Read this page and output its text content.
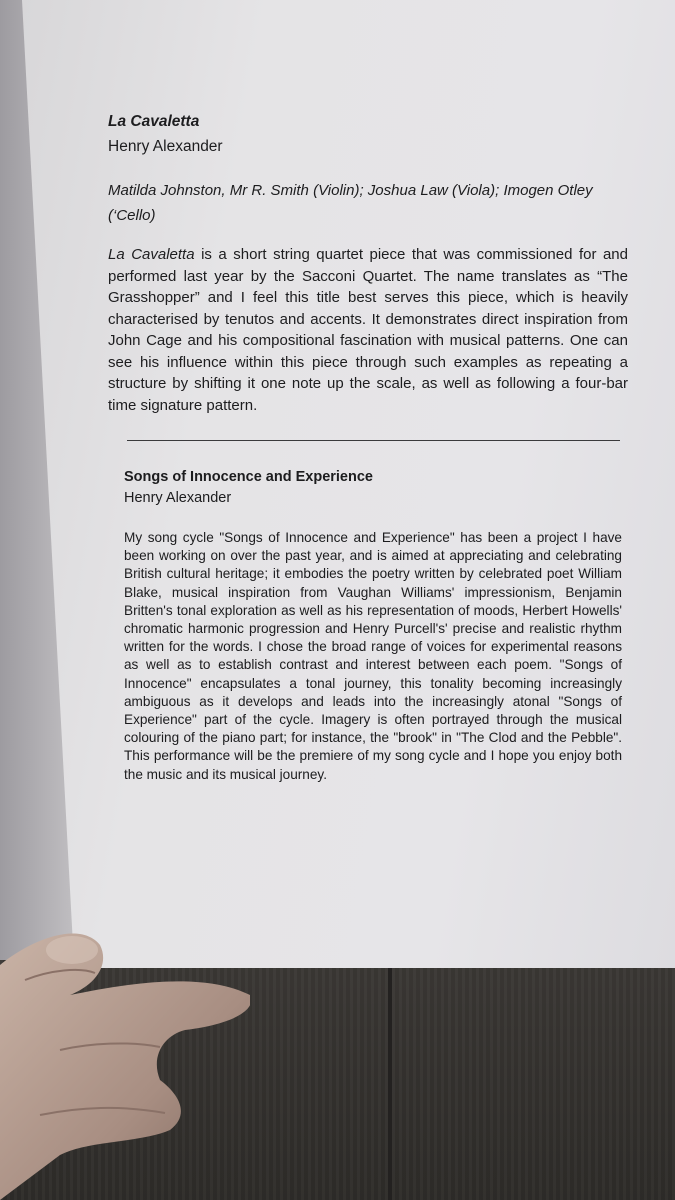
La Cavaletta

Henry Alexander

Matilda Johnston, Mr R. Smith (Violin); Joshua Law (Viola); Imogen Otley (‘Cello)

La Cavaletta is a short string quartet piece that was commissioned for and performed last year by the Sacconi Quartet. The name translates as “The Grasshopper” and I feel this title best serves this piece, which is heavily characterised by tenutos and accents. It demonstrates direct inspiration from John Cage and his compositional fascination with musical patterns. One can see his influence within this piece through such examples as repeating a structure by shifting it one note up the scale, as well as following a four-bar time signature pattern.

Songs of Innocence and Experience

Henry Alexander

My song cycle "Songs of Innocence and Experience" has been a project I have been working on over the past year, and is aimed at appreciating and celebrating British cultural heritage; it embodies the poetry written by celebrated poet William Blake, musical inspiration from Vaughan Williams' impressionism, Benjamin Britten's tonal exploration as well as his representation of moods, Herbert Howells' chromatic harmonic progression and Henry Purcell's' precise and realistic rhythm written for the words. I chose the broad range of voices for experimental reasons as well as to establish contrast and interest between each poem. "Songs of Innocence" encapsulates a tonal journey, this tonality becoming increasingly ambiguous as it develops and leads into the increasingly atonal "Songs of Experience" part of the cycle. Imagery is often portrayed through the musical colouring of the piano part; for instance, the "brook" in "The Clod and the Pebble". This performance will be the premiere of my song cycle and I hope you enjoy both the music and its musical journey.
